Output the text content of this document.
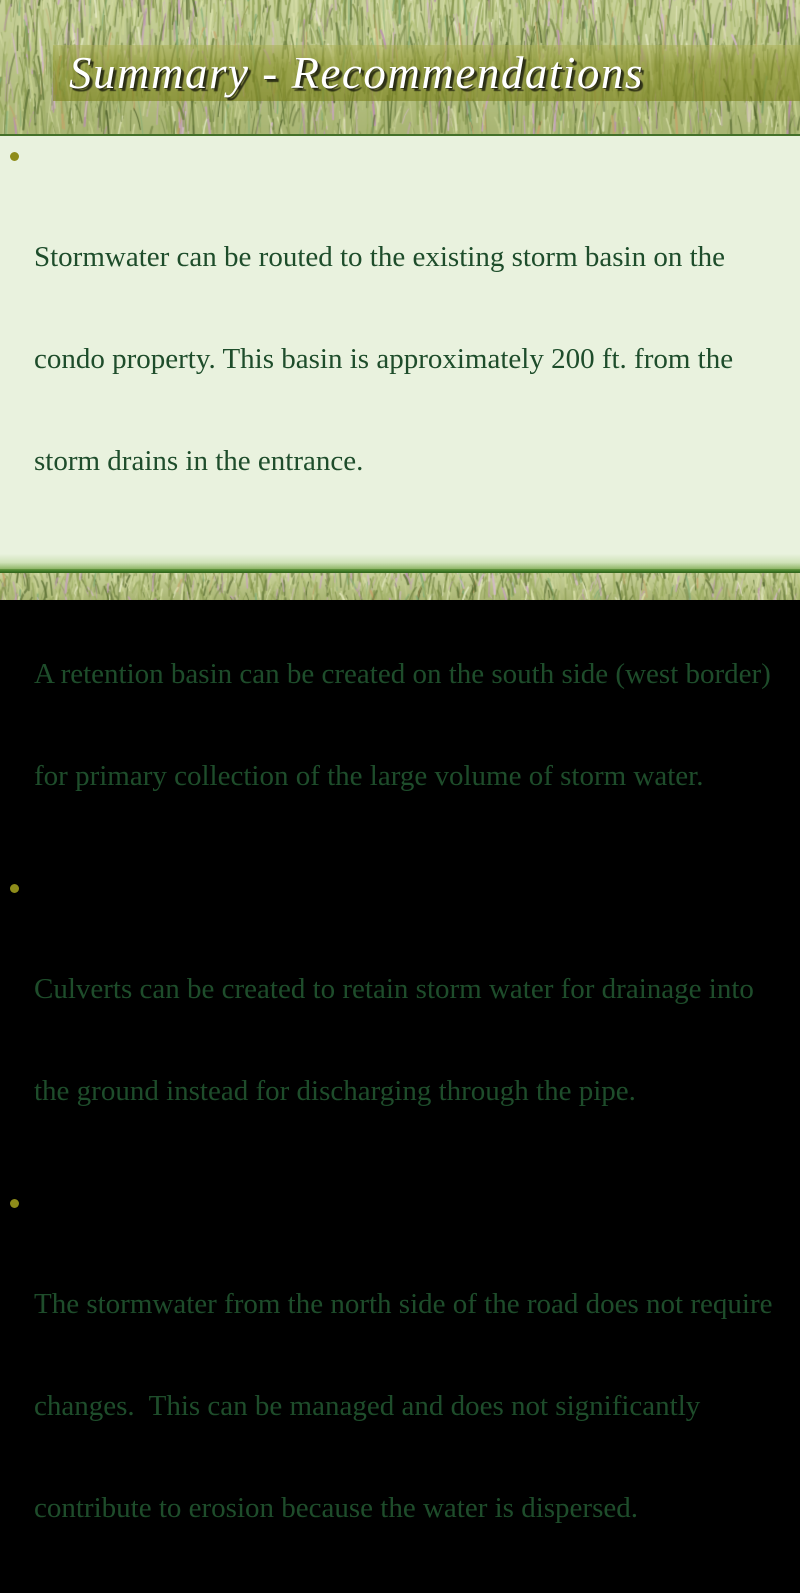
Summary - Recommendations

Stormwater can be routed to the existing storm basin on the

condo property. This basin is approximately 200 ft. from the

storm drains in the entrance.

A retention basin can be created on the south side (west border)

for primary collection of the large volume of storm water.

Culverts can be created to retain storm water for drainage into

the ground instead for discharging through the pipe.

The stormwater from the north side of the road does not require

changes.  This can be managed and does not significantly

contribute to erosion because the water is dispersed.
